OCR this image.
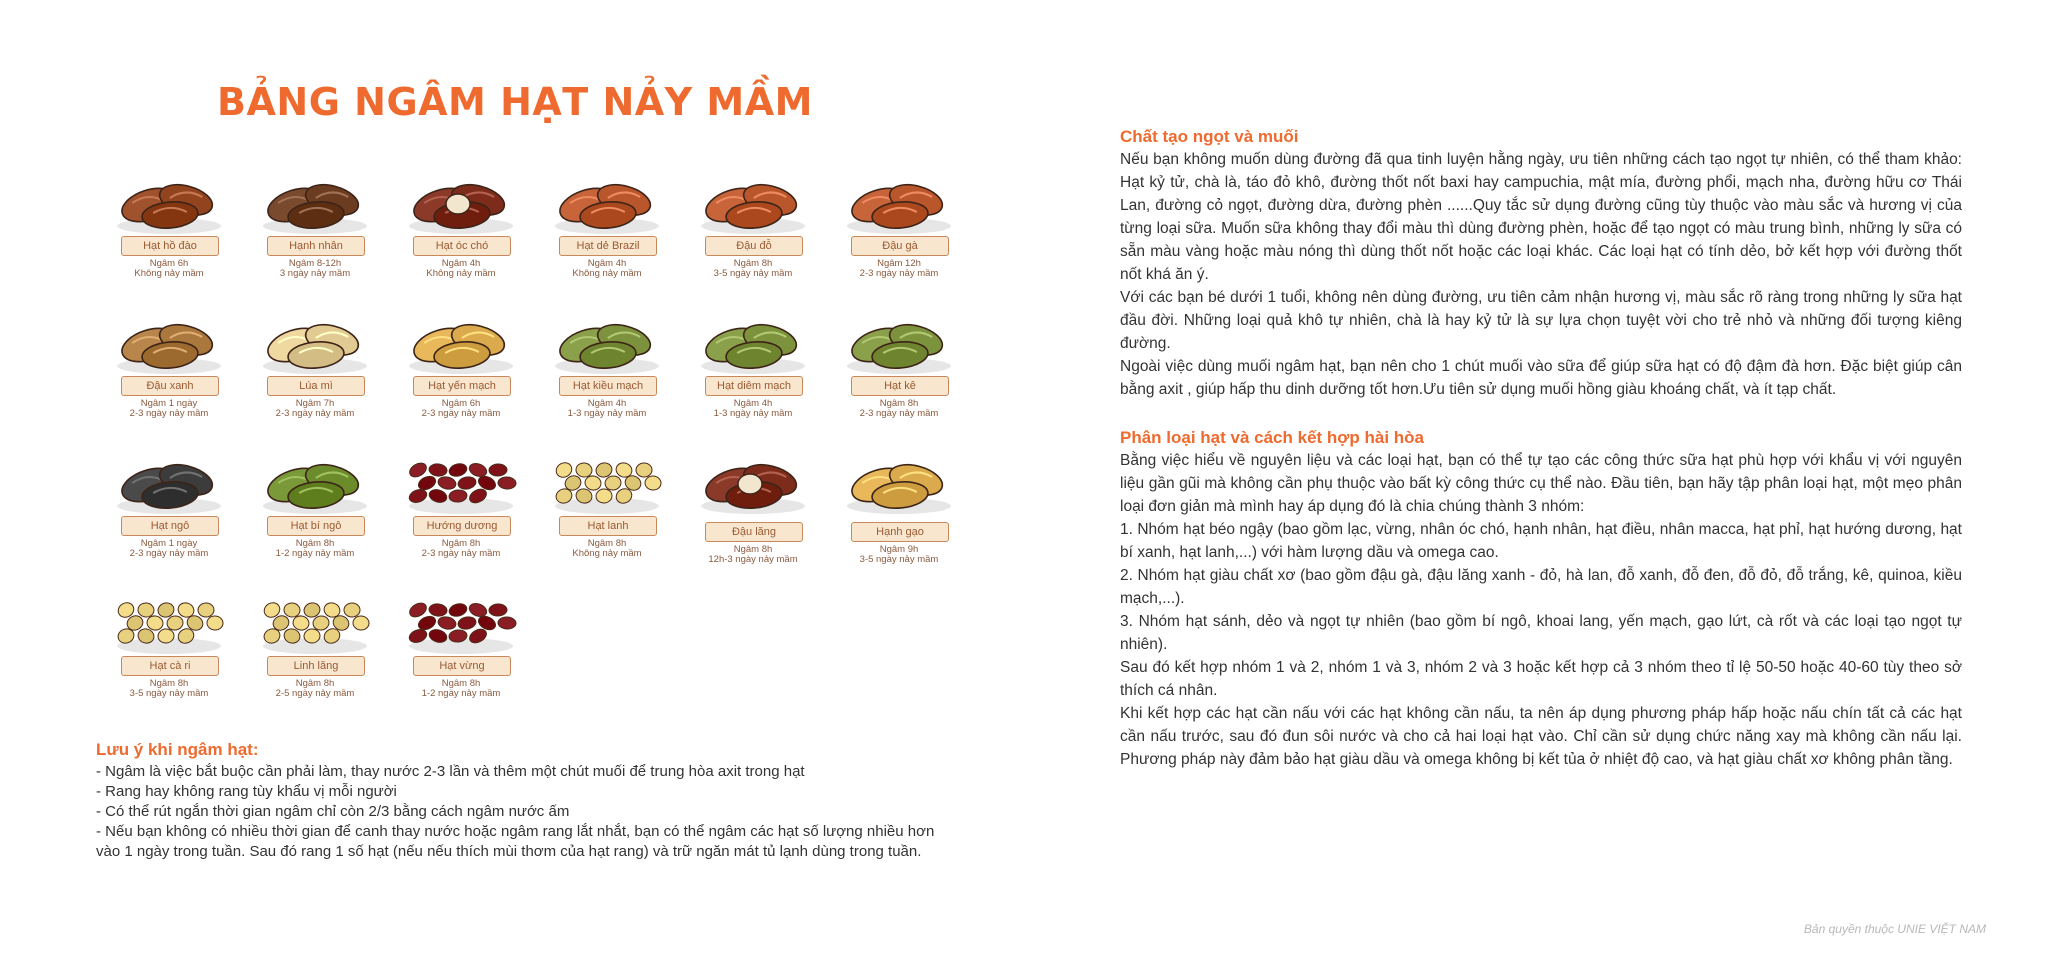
BẢNG NGÂM HẠT NẢY MẦM
Hạt hồ đào
Ngâm 6h
Không nảy mầm
Hạnh nhân
Ngâm 8-12h
3 ngày nảy mầm
Hạt óc chó
Ngâm 4h
Không nảy mầm
Hạt dẻ Brazil
Ngâm 4h
Không nảy mầm
Đậu đỗ
Ngâm 8h
3-5 ngày nảy mầm
Đậu gà
Ngâm 12h
2-3 ngày nảy mầm
Đậu xanh
Ngâm 1 ngày
2-3 ngày nảy mầm
Lúa mì
Ngâm 7h
2-3 ngày nảy mầm
Hạt yến mạch
Ngâm 6h
2-3 ngày nảy mầm
Hạt kiều mạch
Ngâm 4h
1-3 ngày nảy mầm
Hạt diêm mạch
Ngâm 4h
1-3 ngày nảy mầm
Hạt kê
Ngâm 8h
2-3 ngày nảy mầm
Hạt ngô
Ngâm 1 ngày
2-3 ngày nảy mầm
Hạt bí ngô
Ngâm 8h
1-2 ngày nảy mầm
Hướng dương
Ngâm 8h
2-3 ngày nảy mầm
Hạt lanh
Ngâm 8h
Không nảy mầm
Đậu lăng
Ngâm 8h
12h-3 ngày nảy mầm
Hạnh gạo
Ngâm 9h
3-5 ngày nảy mầm
Hạt cà ri
Ngâm 8h
3-5 ngày nảy mầm
Linh lăng
Ngâm 8h
2-5 ngày nảy mầm
Hạt vừng
Ngâm 8h
1-2 ngày nảy mầm
Lưu ý khi ngâm hạt:

- Ngâm là việc bắt buộc cần phải làm, thay nước 2-3 lần và thêm một chút muối để trung hòa axit trong hạt

- Rang hay không rang tùy khẩu vị mỗi người

- Có thể rút ngắn thời gian ngâm chỉ còn 2/3 bằng cách ngâm nước ấm

- Nếu bạn không có nhiều thời gian để canh thay nước hoặc ngâm rang lắt nhắt, bạn có thể ngâm các hạt số lượng nhiều hơn vào 1 ngày trong tuần. Sau đó rang 1 số hạt (nếu nếu thích mùi thơm của hạt rang) và trữ ngăn mát tủ lạnh dùng trong tuần.

Chất tạo ngọt và muối

Nếu bạn không muốn dùng đường đã qua tinh luyện hằng ngày, ưu tiên những cách tạo ngọt tự nhiên, có thể tham khảo: Hạt kỷ tử, chà là, táo đỏ khô, đường thốt nốt baxi hay campuchia, mật mía, đường phổi, mạch nha, đường hữu cơ Thái Lan, đường cỏ ngọt, đường dừa, đường phèn ......Quy tắc sử dụng đường cũng tùy thuộc vào màu sắc và hương vị của từng loại sữa. Muốn sữa không thay đổi màu thì dùng đường phèn, hoặc để tạo ngọt có màu trung bình, những ly sữa có sẵn màu vàng hoặc màu nóng thì dùng thốt nốt hoặc các loại khác. Các loại hạt có tính dẻo, bở kết hợp với đường thốt nốt khá ăn ý.

Với các bạn bé dưới 1 tuổi, không nên dùng đường, ưu tiên cảm nhận hương vị, màu sắc rõ ràng trong những ly sữa hạt đầu đời. Những loại quả khô tự nhiên, chà là hay kỷ tử là sự lựa chọn tuyệt vời cho trẻ nhỏ và những đối tượng kiêng đường.

Ngoài việc dùng muối ngâm hạt, bạn nên cho 1 chút muối vào sữa để giúp sữa hạt có độ đậm đà hơn. Đặc biệt giúp cân bằng axit , giúp hấp thu dinh dưỡng tốt hơn.Ưu tiên sử dụng muối hồng giàu khoáng chất, và ít tạp chất.

Phân loại hạt và cách kết hợp hài hòa

Bằng việc hiểu về nguyên liệu và các loại hạt, bạn có thể tự tạo các công thức sữa hạt phù hợp với khẩu vị với nguyên liệu gần gũi mà không cần phụ thuộc vào bất kỳ công thức cụ thể nào. Đầu tiên, bạn hãy tập phân loại hạt, một mẹo phân loại đơn giản mà mình hay áp dụng đó là chia chúng thành 3 nhóm:

1. Nhóm hạt béo ngậy (bao gồm lạc, vừng, nhân óc chó, hạnh nhân, hạt điều, nhân macca, hạt phỉ, hạt hướng dương, hạt bí xanh, hạt lanh,...) với hàm lượng dầu và omega cao.

2. Nhóm hạt giàu chất xơ (bao gồm đậu gà, đậu lăng xanh - đỏ, hà lan, đỗ xanh, đỗ đen, đỗ đỏ, đỗ trắng, kê, quinoa, kiều mạch,...).

3. Nhóm hạt sánh, dẻo và ngọt tự nhiên (bao gồm bí ngô, khoai lang, yến mạch, gạo lứt, cà rốt và các loại tạo ngọt tự nhiên).

Sau đó kết hợp nhóm 1 và 2, nhóm 1 và 3, nhóm 2 và 3 hoặc kết hợp cả 3 nhóm theo tỉ lệ 50-50 hoặc 40-60 tùy theo sở thích cá nhân.

Khi kết hợp các hạt cần nấu với các hạt không cần nấu, ta nên áp dụng phương pháp hấp hoặc nấu chín tất cả các hạt cần nấu trước, sau đó đun sôi nước và cho cả hai loại hạt vào. Chỉ cần sử dụng chức năng xay mà không cần nấu lại. Phương pháp này đảm bảo hạt giàu dầu và omega không bị kết tủa ở nhiệt độ cao, và hạt giàu chất xơ không phân tầng.

Bản quyền thuộc UNIE VIỆT NAM
